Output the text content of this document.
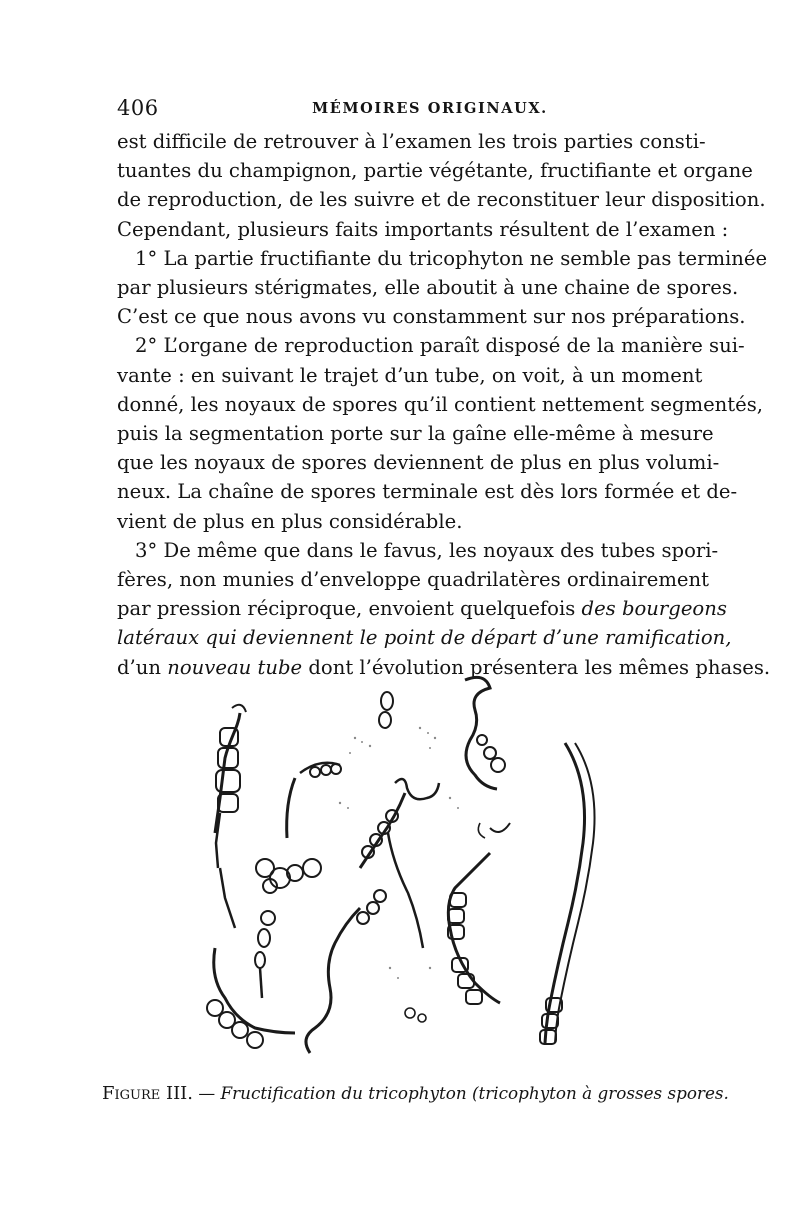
406	MÉMOIRES ORIGINAUX.

est difficile de retrouver à l’examen les trois parties consti-
tuantes du champignon, partie végétante, fructifiante et organe
de reproduction, de les suivre et de reconstituer leur disposition.
Cependant, plusieurs faits importants résultent de l’examen :

1° La partie fructifiante du tricophyton ne semble pas terminée
par plusieurs stérigmates, elle aboutit à une chaine de spores.
C’est ce que nous avons vu constamment sur nos préparations.

2° L’organe de reproduction paraît disposé de la manière sui-
vante : en suivant le trajet d’un tube, on voit, à un moment
donné, les noyaux de spores qu’il contient nettement segmentés,
puis la segmentation porte sur la gaîne elle-même à mesure
que les noyaux de spores deviennent de plus en plus volumi-
neux. La chaîne de spores terminale est dès lors formée et de-
vient de plus en plus considérable.

3° De même que dans le favus, les noyaux des tubes spori-
fères, non munies d’enveloppe quadrilatères ordinairement
par pression réciproque, envoient quelquefois des bourgeons
latéraux qui deviennent le point de départ d’une ramification,
d’un nouveau tube dont l’évolution présentera les mêmes phases.

Figure III. — Fructification du tricophyton (tricophyton à grosses spores.
